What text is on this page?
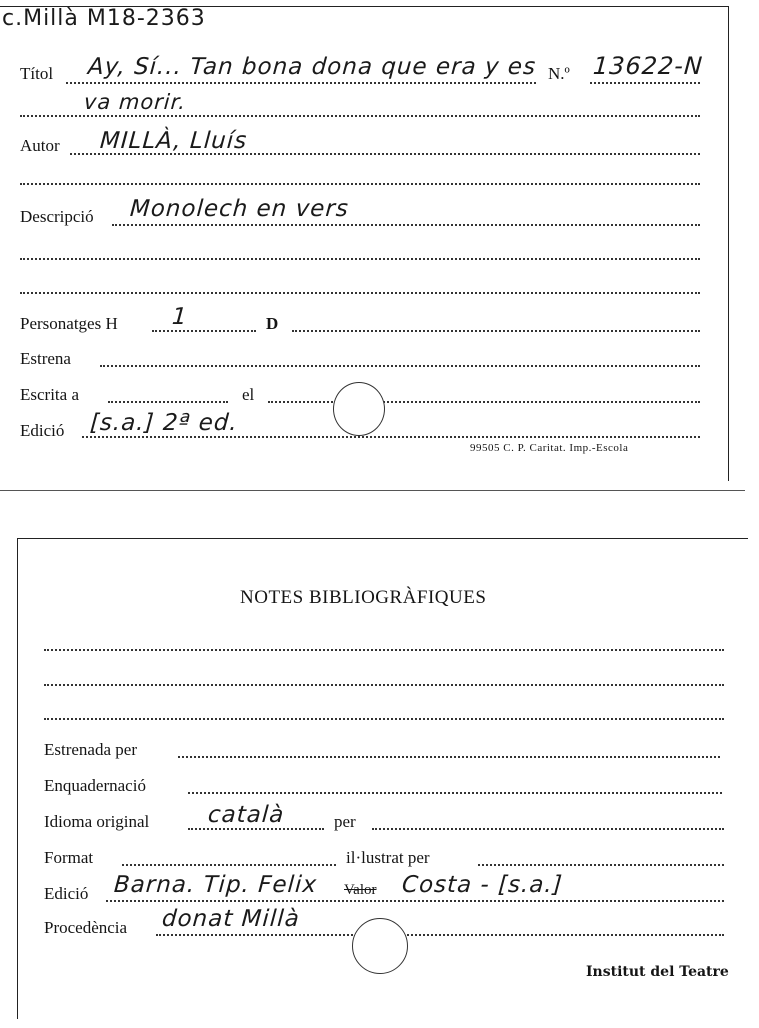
c.Millà M18-2363
Títol Ay, Sí... Tan bona dona que era y es N.º 13622-N
va morir.
Autor MILLÀ, Lluís
Descripció Monolech en vers
Personatges H 1	D
Estrena
Escrita a	el
Edició [s.a.] 2ª ed.
99505 C. P. Caritat. Imp.-Escola
NOTES BIBLIOGRÀFIQUES
Estrenada per
Enquadernació
Idioma original	català	per
Format	il·lustrat per
Edició Barna. Tip. Felix Valor Costa - [s.a.]
Procedència donat Millà
Institut del Teatre
